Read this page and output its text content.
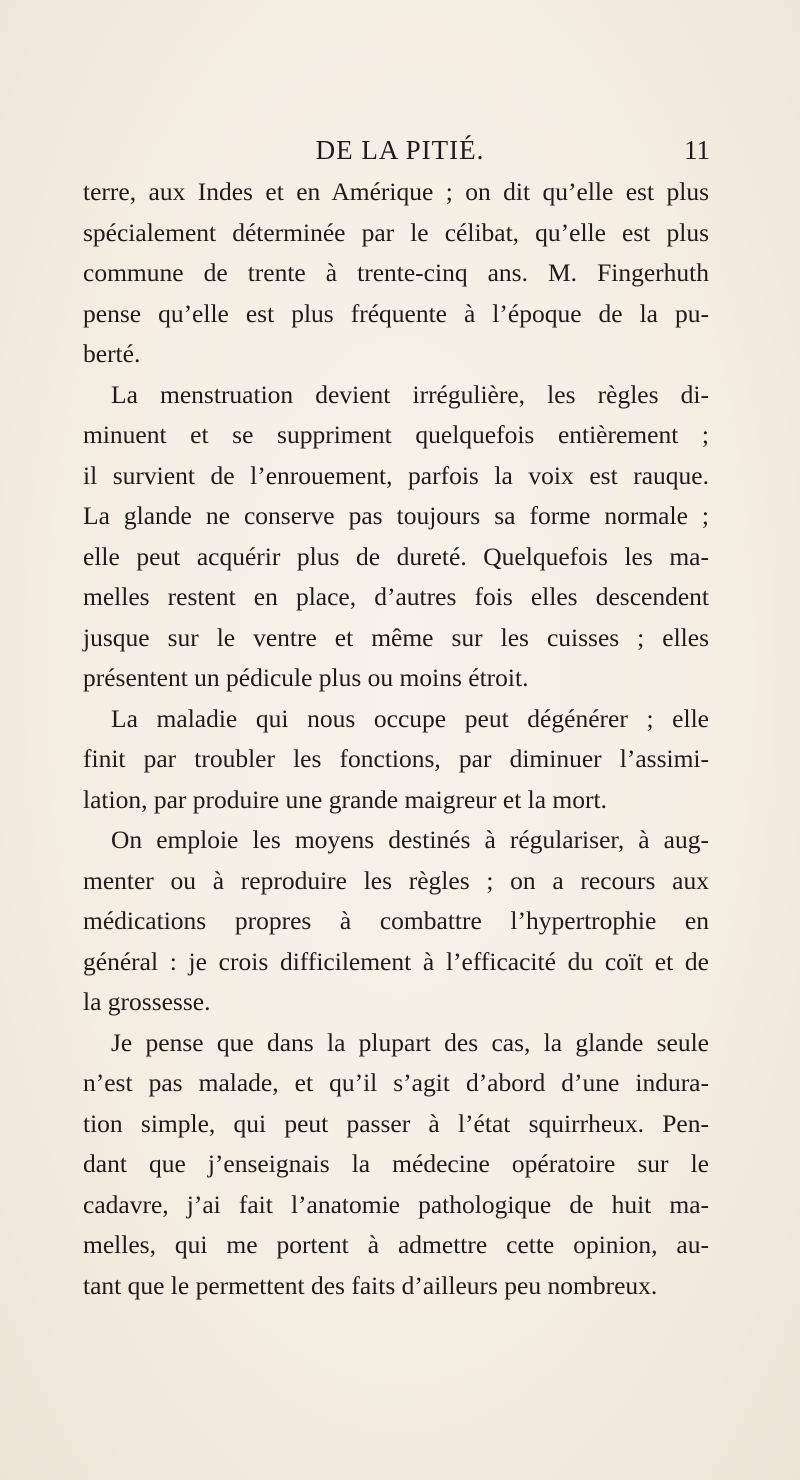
DE LA PITIÉ.	11
terre, aux Indes et en Amérique ; on dit qu’elle est plus
spécialement déterminée par le célibat, qu’elle est plus
commune de trente à trente-cinq ans. M. Fingerhuth
pense qu’elle est plus fréquente à l’époque de la pu-
berté.
La menstruation devient irrégulière, les règles di-
minuent et se suppriment quelquefois entièrement ;
il survient de l’enrouement, parfois la voix est rauque.
La glande ne conserve pas toujours sa forme normale ;
elle peut acquérir plus de dureté. Quelquefois les ma-
melles restent en place, d’autres fois elles descendent
jusque sur le ventre et même sur les cuisses ; elles
présentent un pédicule plus ou moins étroit.
La maladie qui nous occupe peut dégénérer ; elle
finit par troubler les fonctions, par diminuer l’assimi-
lation, par produire une grande maigreur et la mort.
On emploie les moyens destinés à régulariser, à aug-
menter ou à reproduire les règles ; on a recours aux
médications propres à combattre l’hypertrophie en
général : je crois difficilement à l’efficacité du coït et de
la grossesse.
Je pense que dans la plupart des cas, la glande seule
n’est pas malade, et qu’il s’agit d’abord d’une indura-
tion simple, qui peut passer à l’état squirrheux. Pen-
dant que j’enseignais la médecine opératoire sur le
cadavre, j’ai fait l’anatomie pathologique de huit ma-
melles, qui me portent à admettre cette opinion, au-
tant que le permettent des faits d’ailleurs peu nombreux.
